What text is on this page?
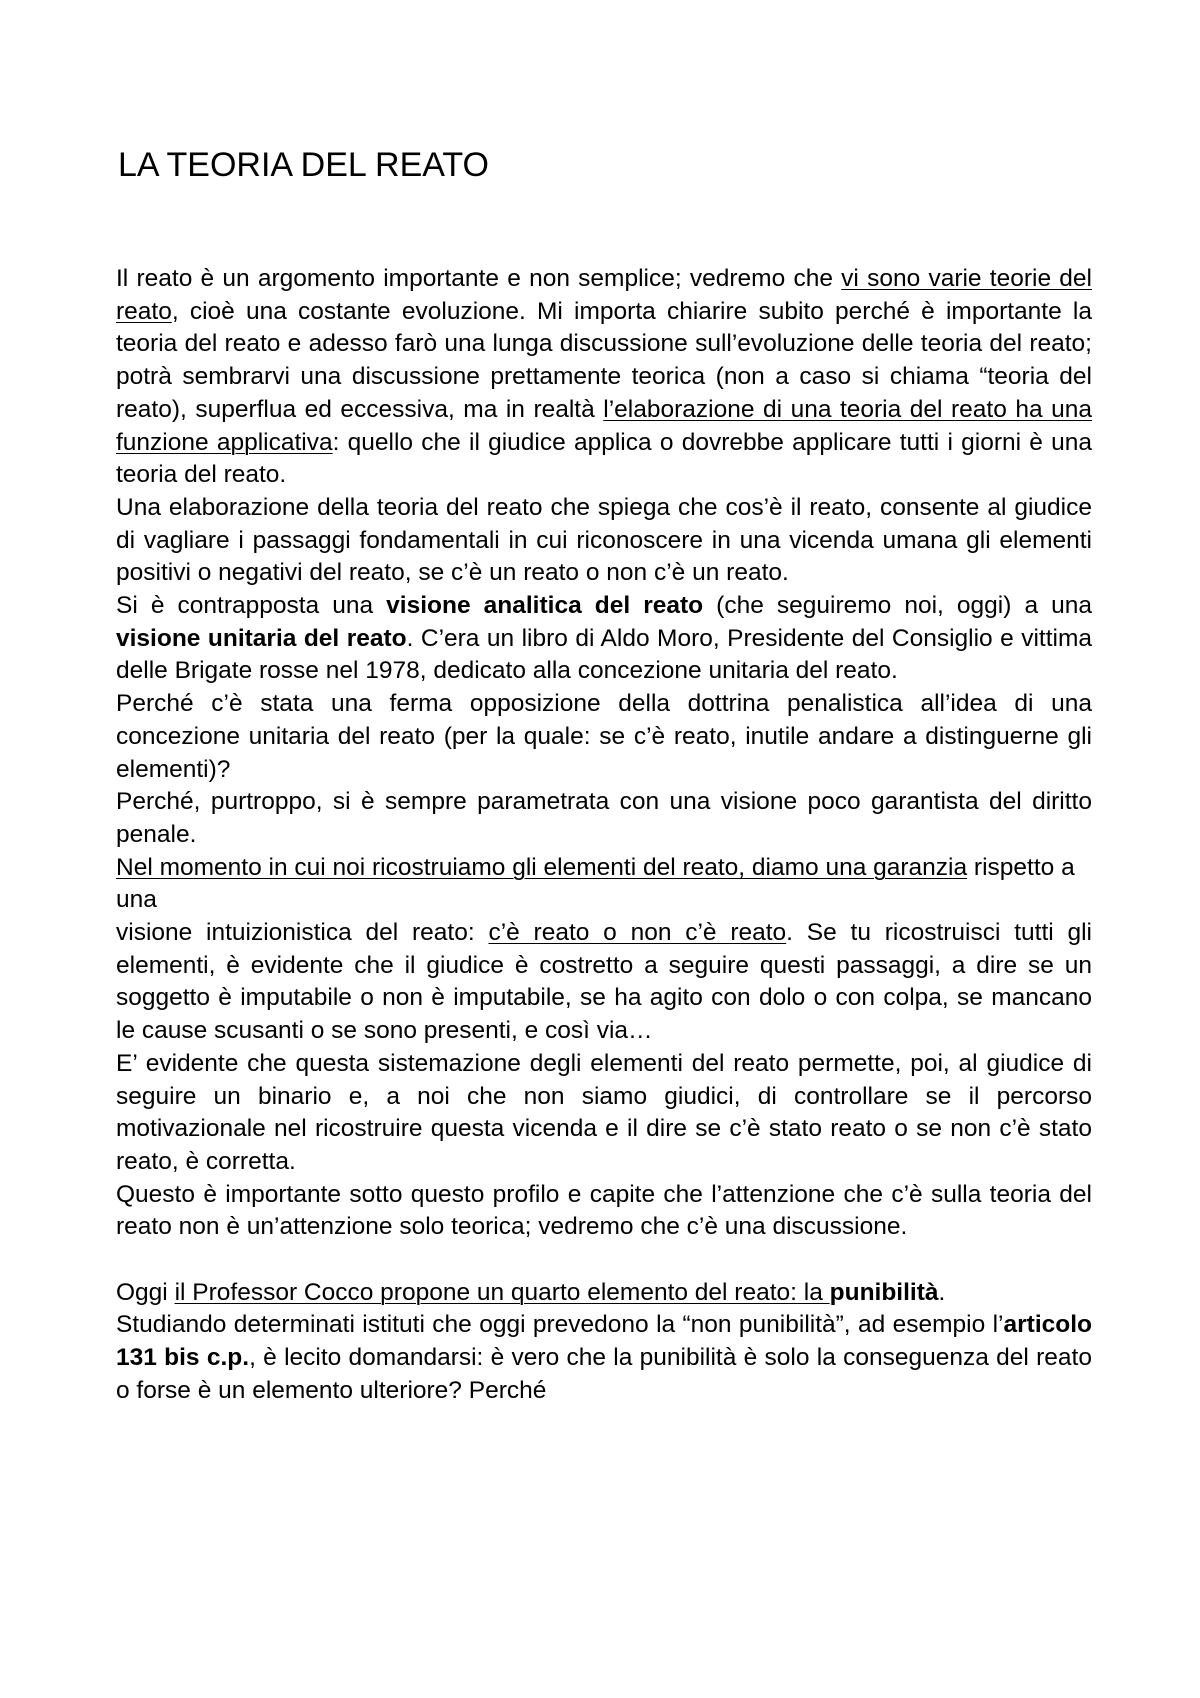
LA TEORIA DEL REATO

Il reato è un argomento importante e non semplice; vedremo che vi sono varie teorie del reato, cioè una costante evoluzione. Mi importa chiarire subito perché è importante la teoria del reato e adesso farò una lunga discussione sull’evoluzione delle teoria del reato; potrà sembrarvi una discussione prettamente teorica (non a caso si chiama “teoria del reato), superflua ed eccessiva, ma in realtà l’elaborazione di una teoria del reato ha una funzione applicativa: quello che il giudice applica o dovrebbe applicare tutti i giorni è una teoria del reato.

Una elaborazione della teoria del reato che spiega che cos’è il reato, consente al giudice di vagliare i passaggi fondamentali in cui riconoscere in una vicenda umana gli elementi positivi o negativi del reato, se c’è un reato o non c’è un reato.

Si è contrapposta una visione analitica del reato (che seguiremo noi, oggi) a una visione unitaria del reato. C’era un libro di Aldo Moro, Presidente del Consiglio e vittima delle Brigate rosse nel 1978, dedicato alla concezione unitaria del reato.

Perché c’è stata una ferma opposizione della dottrina penalistica all’idea di una concezione unitaria del reato (per la quale: se c’è reato, inutile andare a distinguerne gli elementi)?

Perché, purtroppo, si è sempre parametrata con una visione poco garantista del diritto penale.

Nel momento in cui noi ricostruiamo gli elementi del reato, diamo una garanzia rispetto a una

visione intuizionistica del reato: c’è reato o non c’è reato. Se tu ricostruisci tutti gli elementi, è evidente che il giudice è costretto a seguire questi passaggi, a dire se un soggetto è imputabile o non è imputabile, se ha agito con dolo o con colpa, se mancano le cause scusanti o se sono presenti, e così via…

E’ evidente che questa sistemazione degli elementi del reato permette, poi, al giudice di seguire un binario e, a noi che non siamo giudici, di controllare se il percorso motivazionale nel ricostruire questa vicenda e il dire se c’è stato reato o se non c’è stato reato, è corretta.

Questo è importante sotto questo profilo e capite che l’attenzione che c’è sulla teoria del reato non è un’attenzione solo teorica; vedremo che c’è una discussione.

Oggi il Professor Cocco propone un quarto elemento del reato: la punibilità.

Studiando determinati istituti che oggi prevedono la “non punibilità”, ad esempio l’articolo 131 bis c.p., è lecito domandarsi: è vero che la punibilità è solo la conseguenza del reato o forse è un elemento ulteriore? Perché
